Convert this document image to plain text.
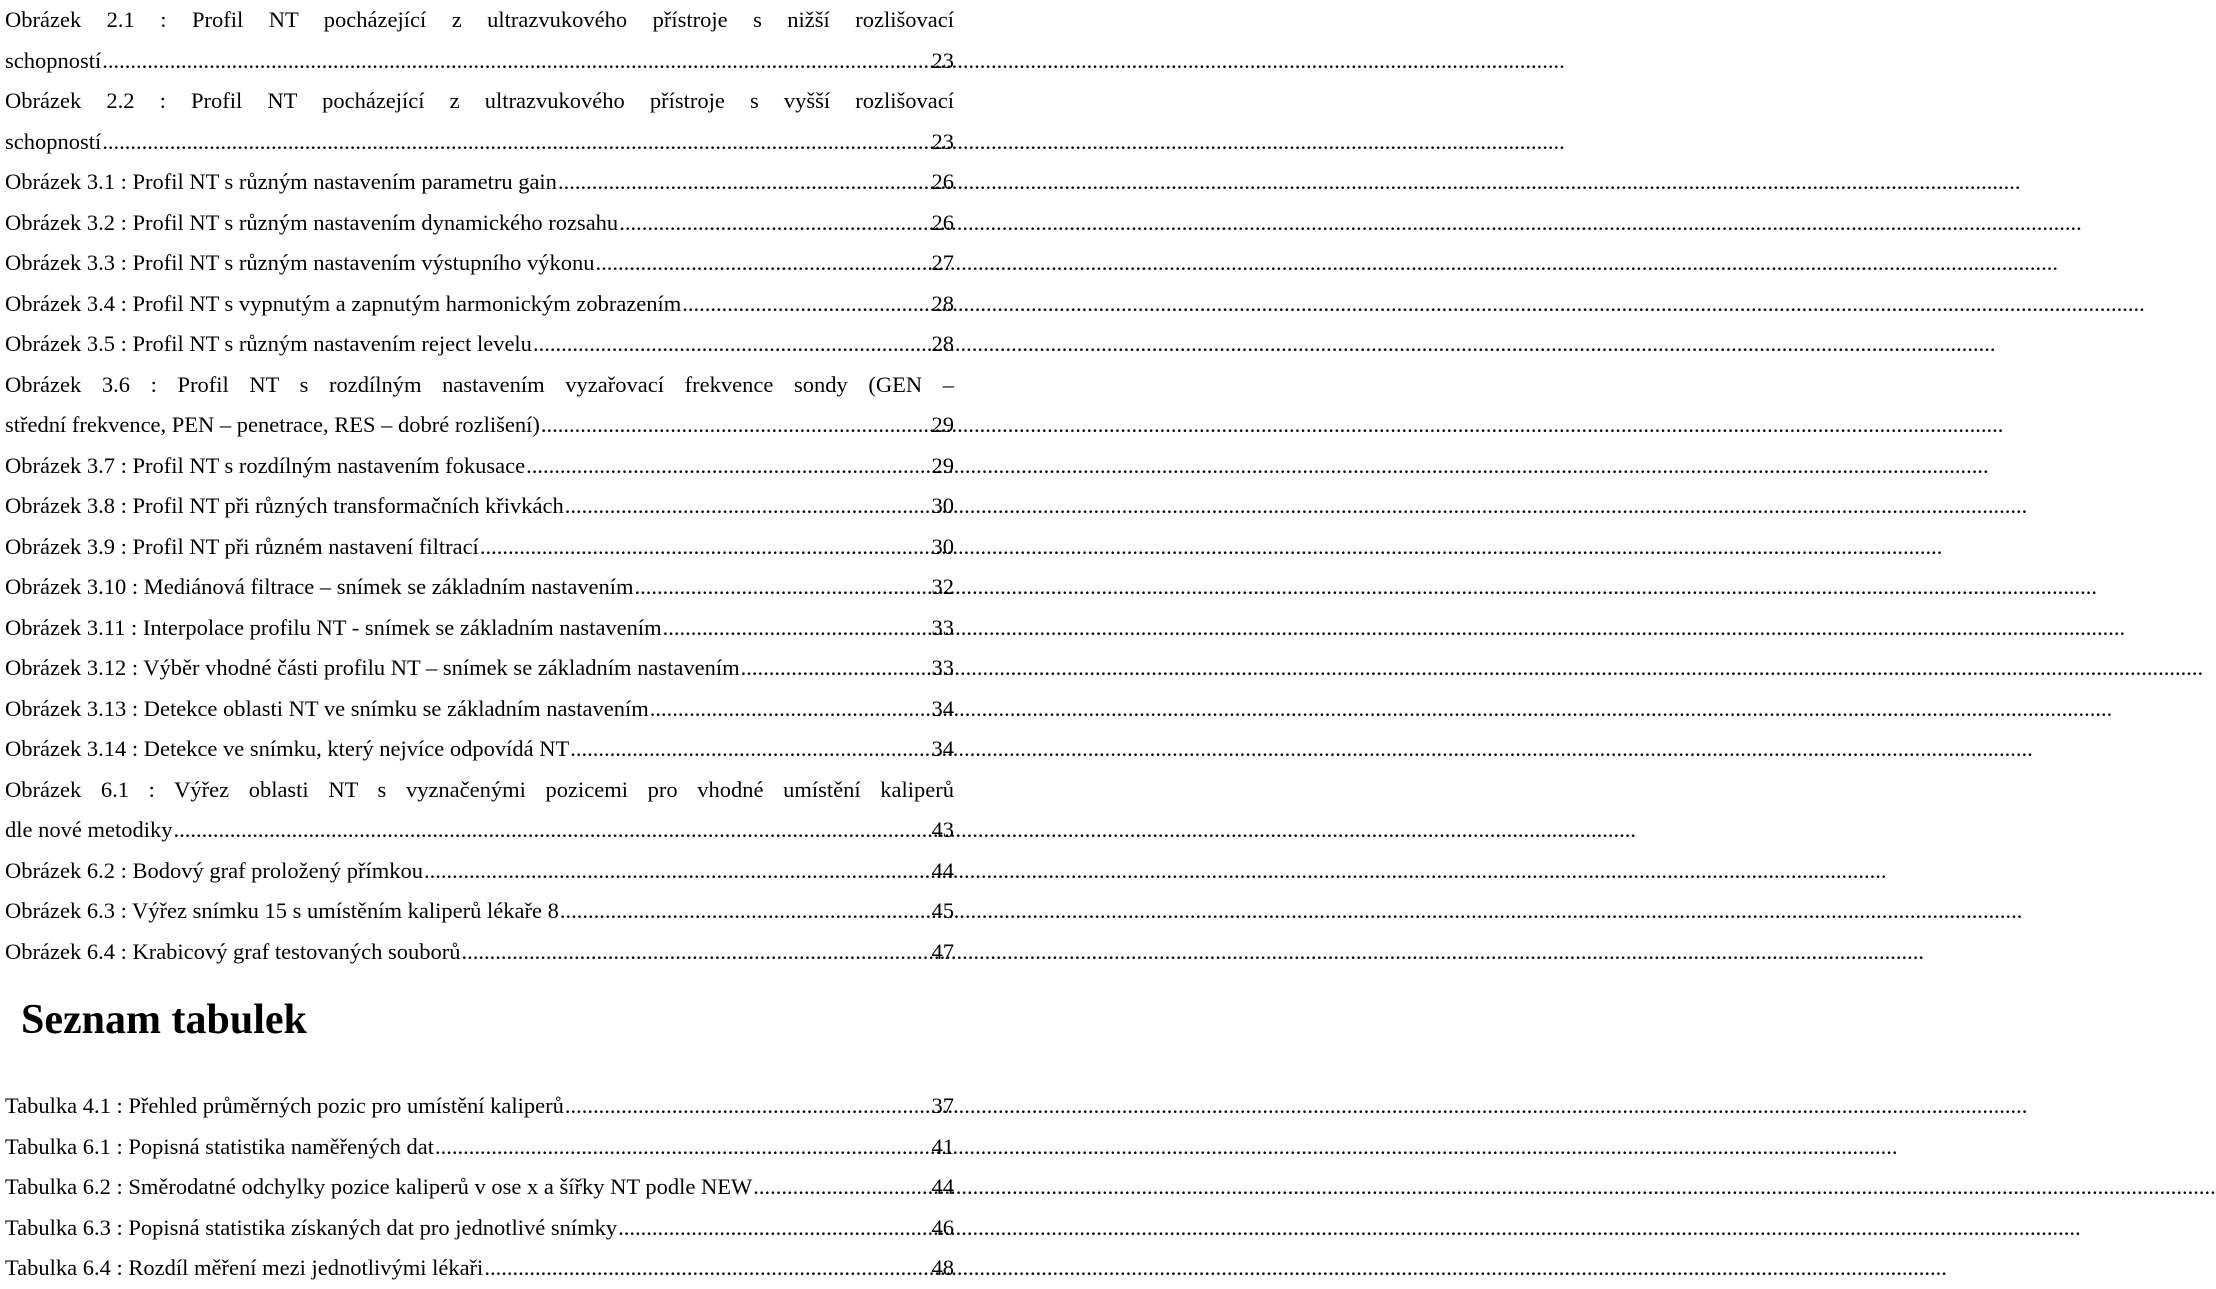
Obrázek 2.1 : Profil NT pocházející z ultrazvukového přístroje s nižší rozlišovací
schopností .....	23
Obrázek 2.2 : Profil NT pocházející z ultrazvukového přístroje s vyšší rozlišovací
schopností .....	23
Obrázek 3.1 : Profil NT s různým nastavením parametru gain .....	26
Obrázek 3.2 : Profil NT s různým nastavením dynamického rozsahu .....	26
Obrázek 3.3 : Profil NT s různým nastavením výstupního výkonu .....	27
Obrázek 3.4 : Profil NT s vypnutým a zapnutým harmonickým zobrazením .....	28
Obrázek 3.5 : Profil NT s různým nastavením reject levelu .....	28
Obrázek 3.6 : Profil NT s rozdílným nastavením vyzařovací frekvence sondy (GEN –
střední frekvence, PEN – penetrace, RES – dobré rozlišení) .....	29
Obrázek 3.7 : Profil NT s rozdílným nastavením fokusace .....	29
Obrázek 3.8 : Profil NT při různých transformačních křivkách .....	30
Obrázek 3.9 : Profil NT při různém nastavení filtrací .....	30
Obrázek 3.10 : Mediánová filtrace – snímek se základním nastavením .....	32
Obrázek 3.11 : Interpolace profilu NT - snímek se základním nastavením .....	33
Obrázek 3.12 : Výběr vhodné části profilu NT – snímek se základním nastavením .....	33
Obrázek 3.13 : Detekce oblasti NT ve snímku se základním nastavením .....	34
Obrázek 3.14 : Detekce ve snímku, který nejvíce odpovídá NT .....	34
Obrázek 6.1 : Výřez oblasti NT s vyznačenými pozicemi pro vhodné umístění kaliperů
dle nové metodiky .....	43
Obrázek 6.2 : Bodový graf proložený přímkou .....	44
Obrázek 6.3 : Výřez snímku 15 s umístěním kaliperů lékaře 8 .....	45
Obrázek 6.4 : Krabicový graf testovaných souborů .....	47
Seznam tabulek
Tabulka 4.1 : Přehled průměrných pozic pro umístění kaliperů .....	37
Tabulka 6.1 : Popisná statistika naměřených dat .....	41
Tabulka 6.2 : Směrodatné odchylky pozice kaliperů v ose x a šířky NT podle NEW .....	44
Tabulka 6.3 : Popisná statistika získaných dat pro jednotlivé snímky .....	46
Tabulka 6.4 : Rozdíl měření mezi jednotlivými lékaři .....	48
